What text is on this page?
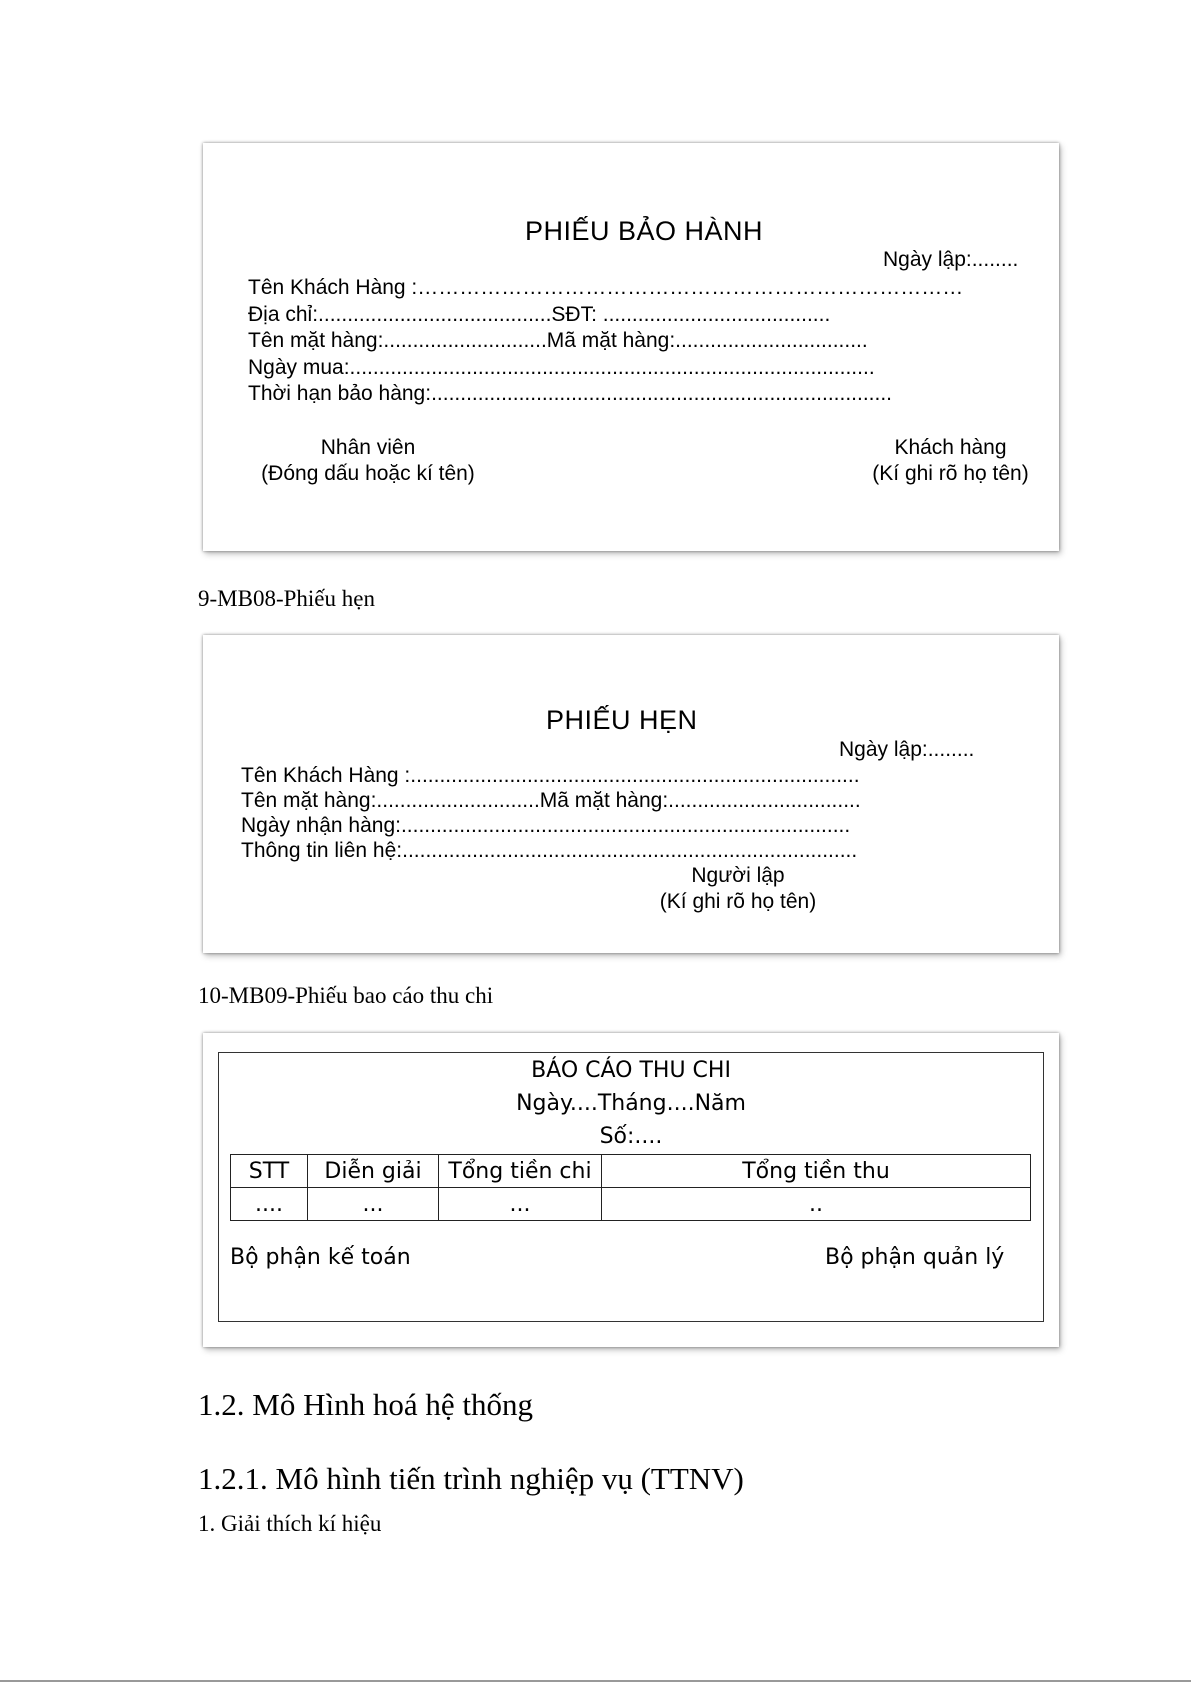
PHIẾU BẢO HÀNH
Ngày lập:........
Tên Khách Hàng :……………………………………………………………………
Địa chỉ:........................................SĐT: .......................................
Tên mặt hàng:............................Mã mặt hàng:.................................
Ngày mua:..........................................................................................
Thời hạn bảo hàng:...............................................................................
Nhân viên
(Đóng dấu hoặc kí tên)
Khách hàng
(Kí ghi rõ họ tên)
9-MB08-Phiếu hẹn
PHIẾU HẸN
Ngày lập:........
Tên Khách Hàng :.............................................................................
Tên mặt hàng:............................Mã mặt hàng:.................................
Ngày nhận hàng:.............................................................................
Thông tin liên hệ:..............................................................................
Người lập
(Kí ghi rõ họ tên)
10-MB09-Phiếu bao cáo thu chi
BÁO CÁO THU CHI
Ngày....Tháng....Năm
Số:....
STT	Diễn giải	Tổng tiền chi	Tổng tiền thu
....	...	...	..
Bộ phận kế toán	Bộ phận quản lý
1.2. Mô Hình hoá hệ thống
1.2.1. Mô hình tiến trình nghiệp vụ (TTNV)
1. Giải thích kí hiệu
